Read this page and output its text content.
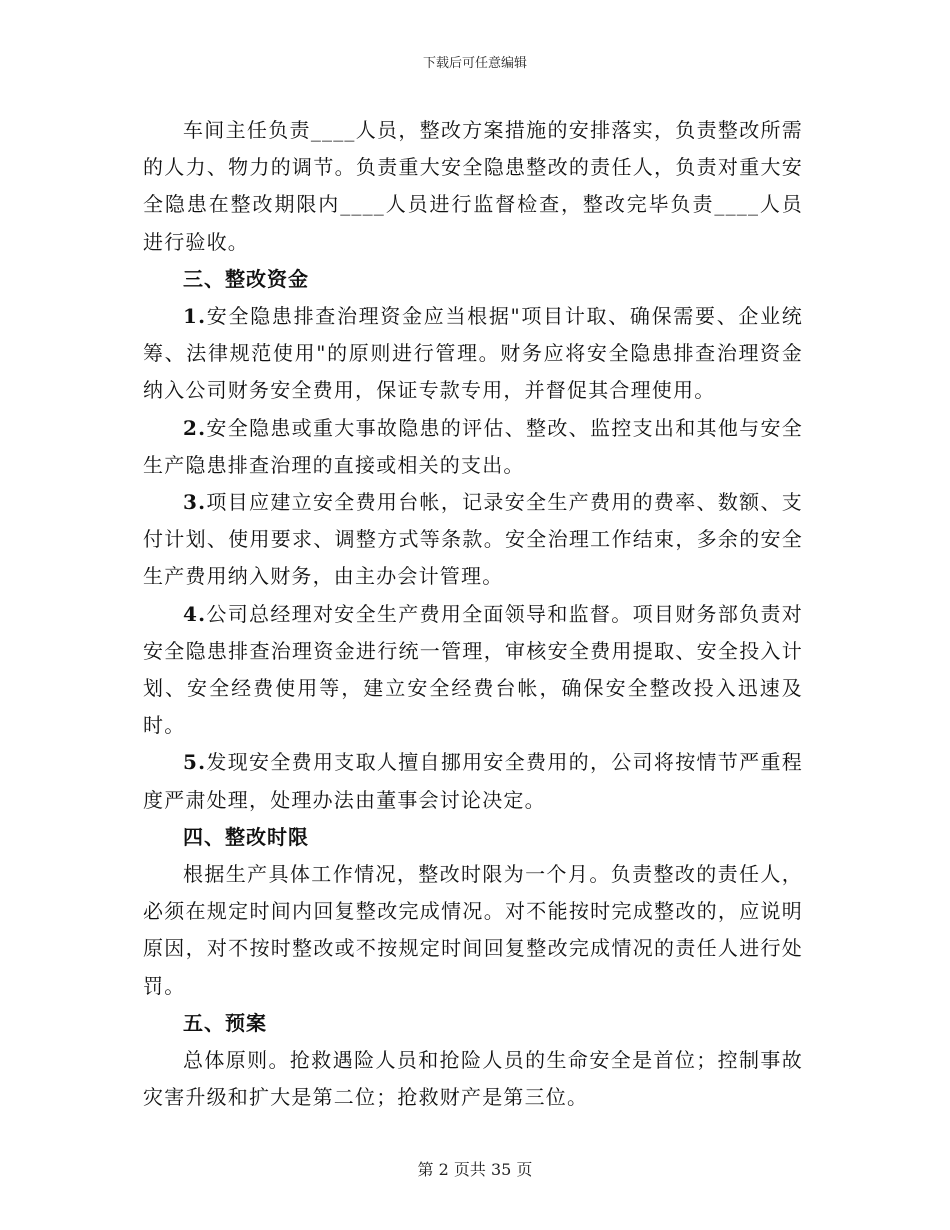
下载后可任意编辑

车间主任负责____人员，整改方案措施的安排落实，负责整改所需的人力、物力的调节。负责重大安全隐患整改的责任人，负责对重大安全隐患在整改期限内____人员进行监督检查，整改完毕负责____人员进行验收。

三、整改资金

1.安全隐患排查治理资金应当根据"项目计取、确保需要、企业统筹、法律规范使用"的原则进行管理。财务应将安全隐患排查治理资金纳入公司财务安全费用，保证专款专用，并督促其合理使用。

2.安全隐患或重大事故隐患的评估、整改、监控支出和其他与安全生产隐患排查治理的直接或相关的支出。

3.项目应建立安全费用台帐，记录安全生产费用的费率、数额、支付计划、使用要求、调整方式等条款。安全治理工作结束，多余的安全生产费用纳入财务，由主办会计管理。

4.公司总经理对安全生产费用全面领导和监督。项目财务部负责对安全隐患排查治理资金进行统一管理，审核安全费用提取、安全投入计划、安全经费使用等，建立安全经费台帐，确保安全整改投入迅速及时。

5.发现安全费用支取人擅自挪用安全费用的，公司将按情节严重程度严肃处理，处理办法由董事会讨论决定。

四、整改时限

根据生产具体工作情况，整改时限为一个月。负责整改的责任人，必须在规定时间内回复整改完成情况。对不能按时完成整改的，应说明原因，对不按时整改或不按规定时间回复整改完成情况的责任人进行处罚。

五、预案

总体原则。抢救遇险人员和抢险人员的生命安全是首位；控制事故灾害升级和扩大是第二位；抢救财产是第三位。

第 2 页共 35 页
